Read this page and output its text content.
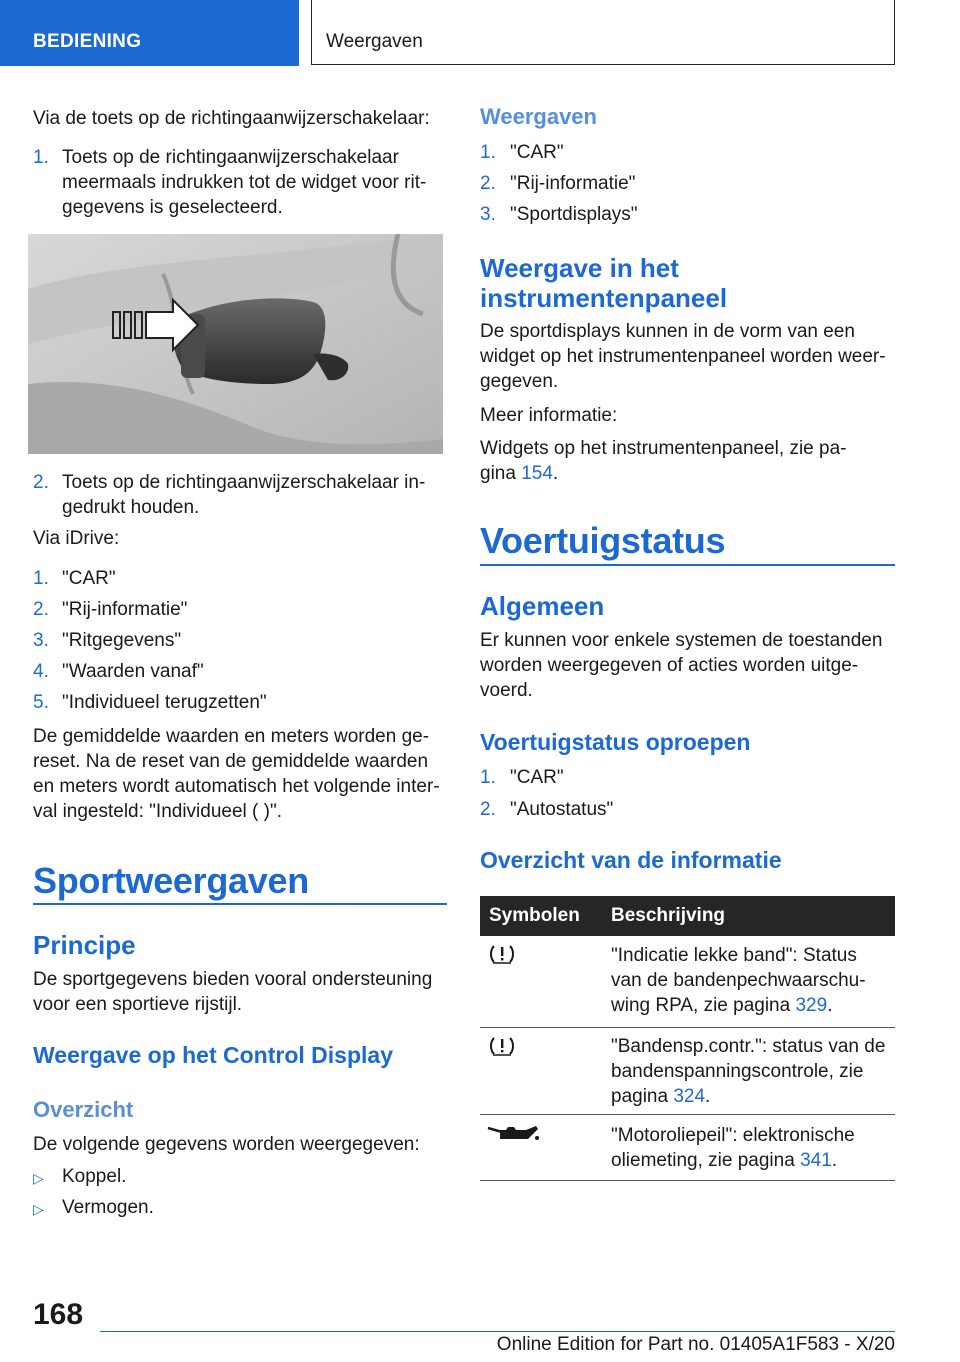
BEDIENING	Weergaven
Via de toets op de richtingaanwijzerschakelaar:
1. Toets op de richtingaanwijzerschakelaar
meermaals indrukken tot de widget voor rit-
gegevens is geselecteerd.
2. Toets op de richtingaanwijzerschakelaar in-
gedrukt houden.
Via iDrive:
1. "CAR"
2. "Rij-informatie"
3. "Ritgegevens"
4. "Waarden vanaf"
5. "Individueel terugzetten"
De gemiddelde waarden en meters worden ge-
reset. Na de reset van de gemiddelde waarden
en meters wordt automatisch het volgende inter-
val ingesteld: "Individueel ( )".
Sportweergaven
Principe
De sportgegevens bieden vooral ondersteuning
voor een sportieve rijstijl.
Weergave op het Control Display
Overzicht
De volgende gegevens worden weergegeven:
▷ Koppel.
▷ Vermogen.
Weergaven
1. "CAR"
2. "Rij-informatie"
3. "Sportdisplays"
Weergave in het
instrumentenpaneel
De sportdisplays kunnen in de vorm van een
widget op het instrumentenpaneel worden weer-
gegeven.
Meer informatie:
Widgets op het instrumentenpaneel, zie pa-
gina 154.
Voertuigstatus
Algemeen
Er kunnen voor enkele systemen de toestanden
worden weergegeven of acties worden uitge-
voerd.
Voertuigstatus oproepen
1. "CAR"
2. "Autostatus"
Overzicht van de informatie
Symbolen Beschrijving
"Indicatie lekke band": Status
van de bandenpechwaarschu-
wing RPA, zie pagina 329.
"Bandensp.contr.": status van de
bandenspanningscontrole, zie
pagina 324.
"Motoroliepeil": elektronische
oliemeting, zie pagina 341.
168
Online Edition for Part no. 01405A1F583 - X/20
